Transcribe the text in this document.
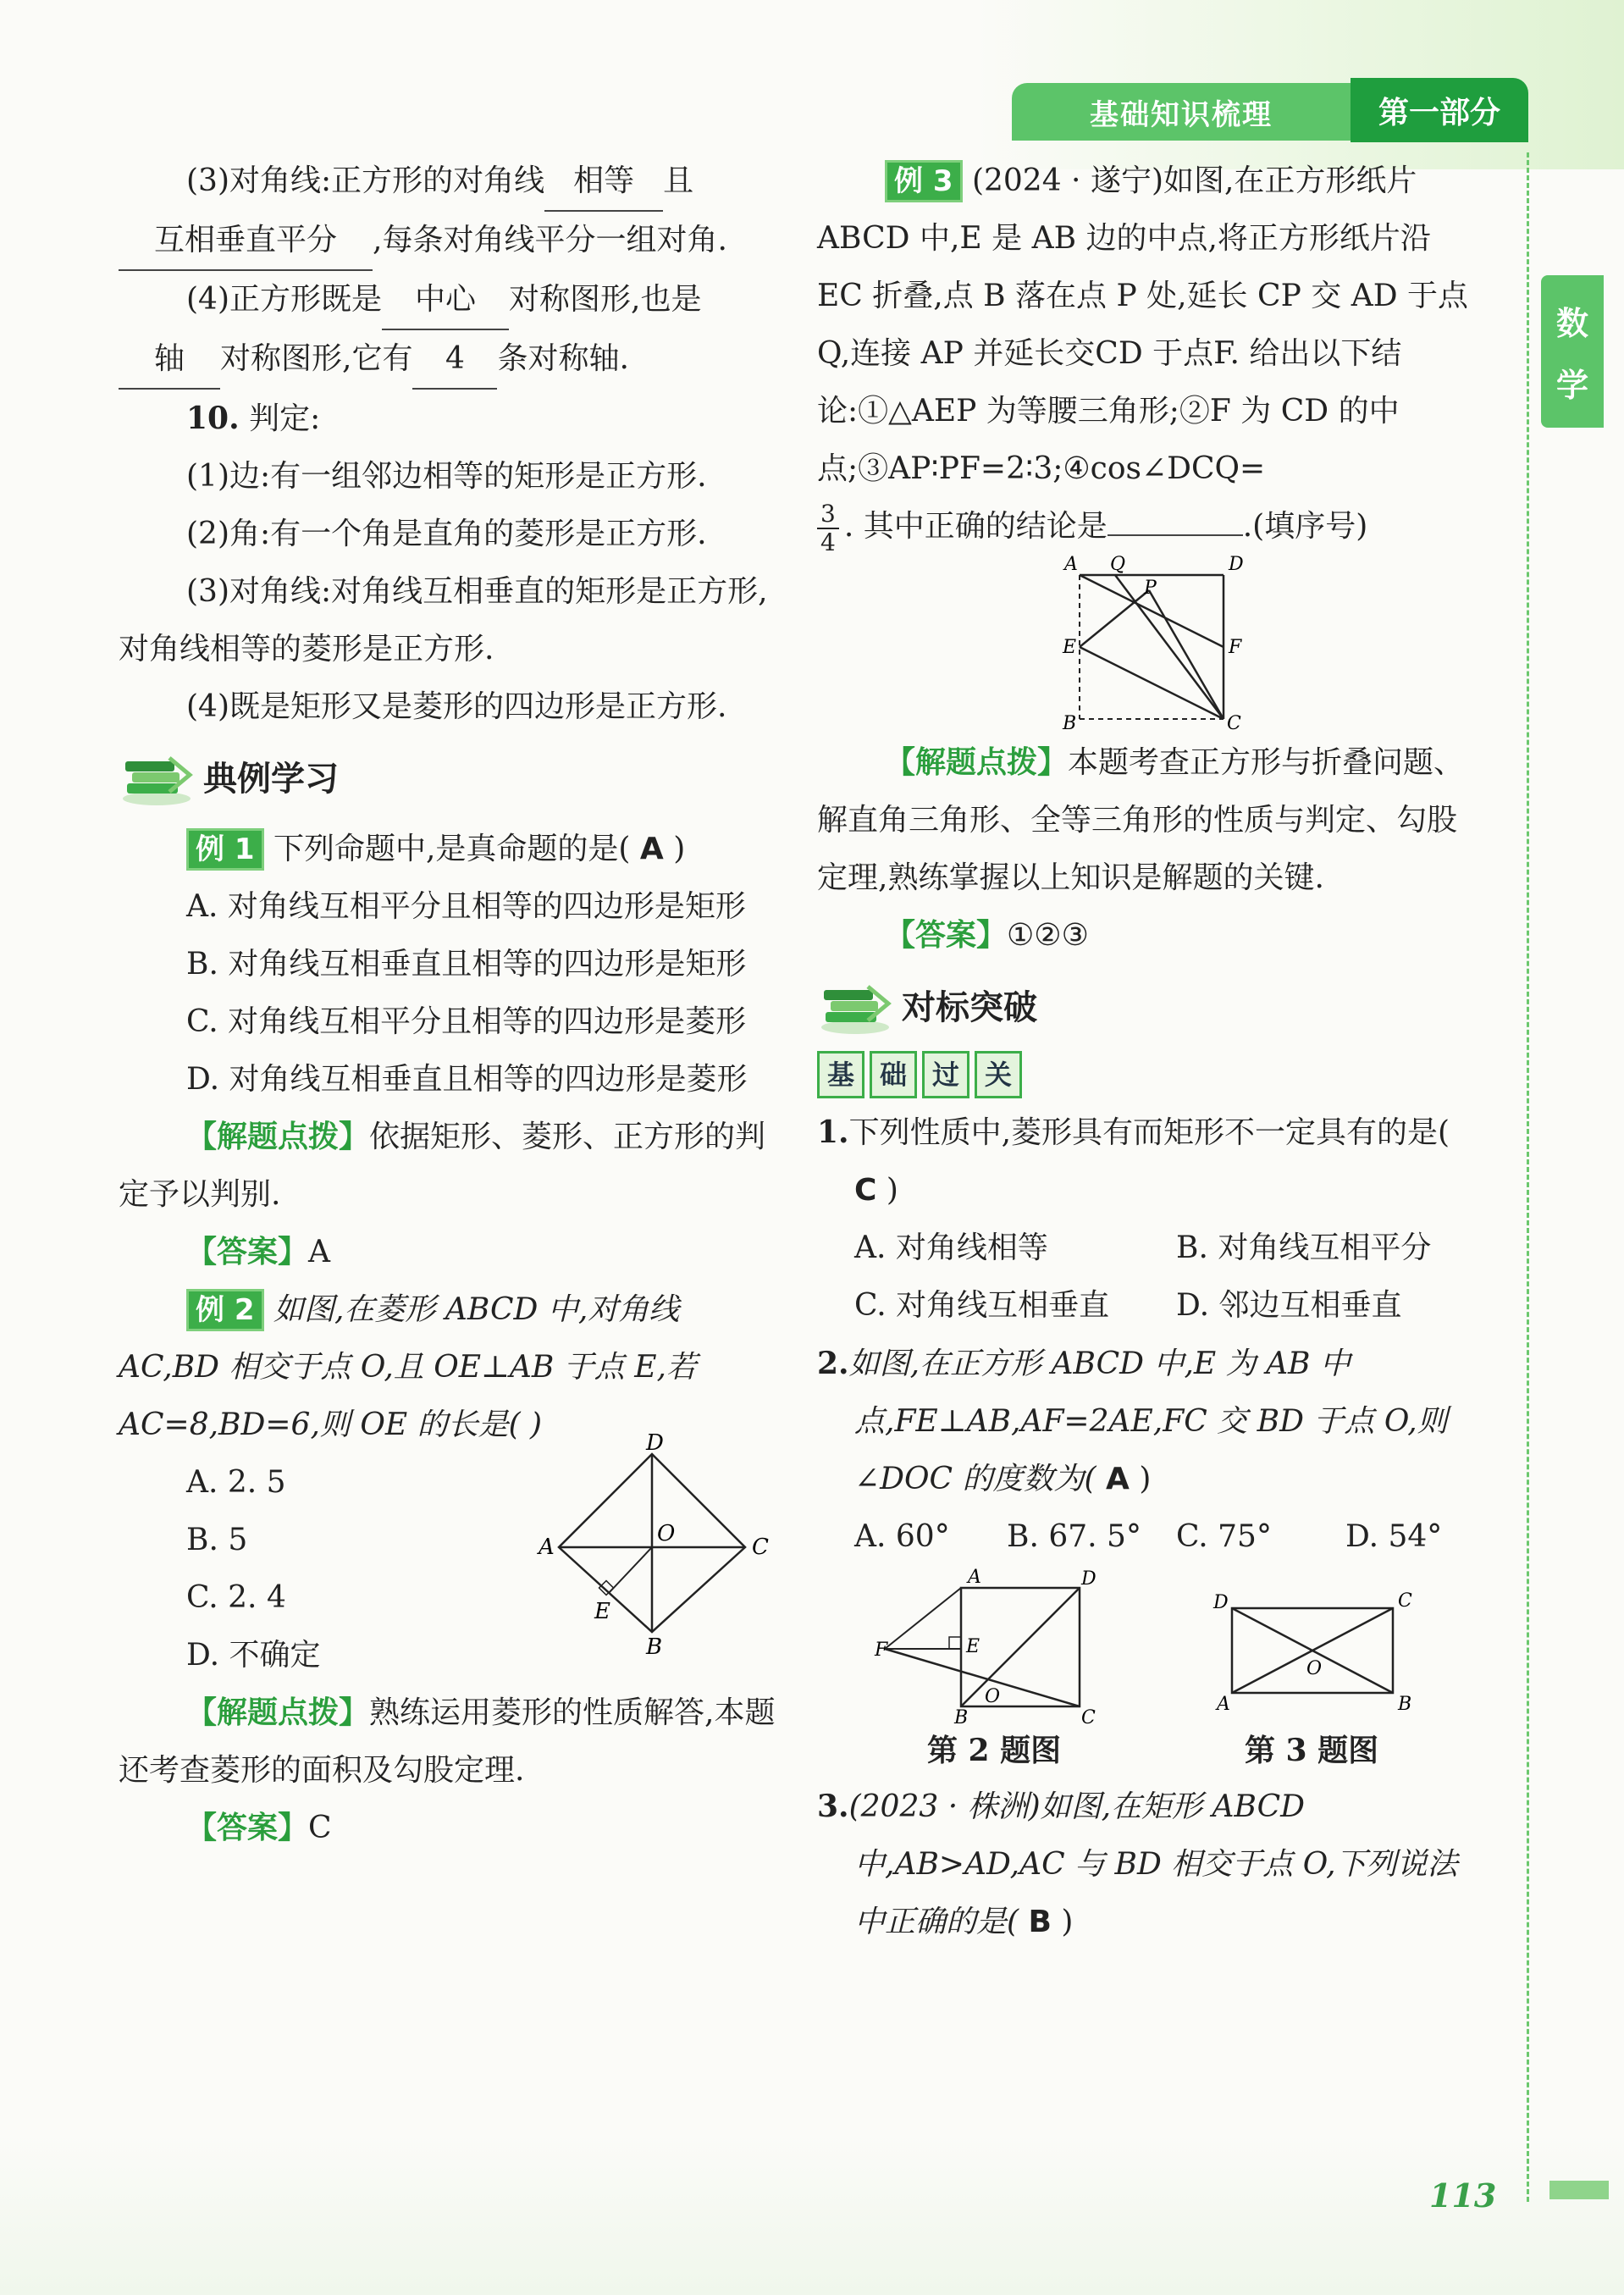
基础知识梳理	第一部分
数
学

(3)对角线:正方形的对角线 相等 且 互相垂直平分 ,每条对角线平分一组对角.

(4)正方形既是 中心 对称图形,也是 轴 对称图形,它有 4 条对称轴.

10. 判定:

(1)边:有一组邻边相等的矩形是正方形.

(2)角:有一个角是直角的菱形是正方形.

(3)对角线:对角线互相垂直的矩形是正方形,对角线相等的菱形是正方形.

(4)既是矩形又是菱形的四边形是正方形.

典例学习

例 1 下列命题中,是真命题的是( A )

A. 对角线互相平分且相等的四边形是矩形

B. 对角线互相垂直且相等的四边形是矩形

C. 对角线互相平分且相等的四边形是菱形

D. 对角线互相垂直且相等的四边形是菱形

【解题点拨】依据矩形、菱形、正方形的判定予以判别.

【答案】A

例 2 如图,在菱形 ABCD 中,对角线 AC,BD 相交于点 O,且 OE⊥AB 于点 E,若 AC=8,BD=6,则 OE 的长是( )

A. 2. 5

B. 5

C. 2. 4

D. 不确定

D
A	C
O
E
B

【解题点拨】熟练运用菱形的性质解答,本题还考查菱形的面积及勾股定理.

【答案】C

例 3 (2024 · 遂宁)如图,在正方形纸片 ABCD 中,E 是 AB 边的中点,将正方形纸片沿 EC 折叠,点 B 落在点 P 处,延长 CP 交 AD 于点Q,连接 AP 并延长交CD 于点F. 给出以下结论:①△AEP 为等腰三角形;②F 为 CD 的中点;③AP∶PF=2∶3;④cos∠DCQ=

$\frac{3}{4}$ . 其中正确的结论是	.(填序号)

A Q	D
P
E	F
B	C

【解题点拨】本题考查正方形与折叠问题、解直角三角形、全等三角形的性质与判定、勾股定理,熟练掌握以上知识是解题的关键.

【答案】①②③

对标突破
基 础 过 关

1.下列性质中,菱形具有而矩形不一定具有的是( C )

A. 对角线相等	B. 对角线互相平分
C. 对角线互相垂直	D. 邻边互相垂直

2.如图,在正方形 ABCD 中,E 为 AB 中点,FE⊥AB,AF=2AE,FC 交 BD 于点 O,则∠DOC 的度数为( A )

A. 60°	B. 67. 5°	C. 75°	D. 54°
A	D
F	E
B
O
C
第 2 题图
D	C
O
A	B
第 3 题图

3.(2023 · 株洲)如图,在矩形 ABCD 中,AB>AD,AC 与 BD 相交于点 O,下列说法中正确的是( B )

113
